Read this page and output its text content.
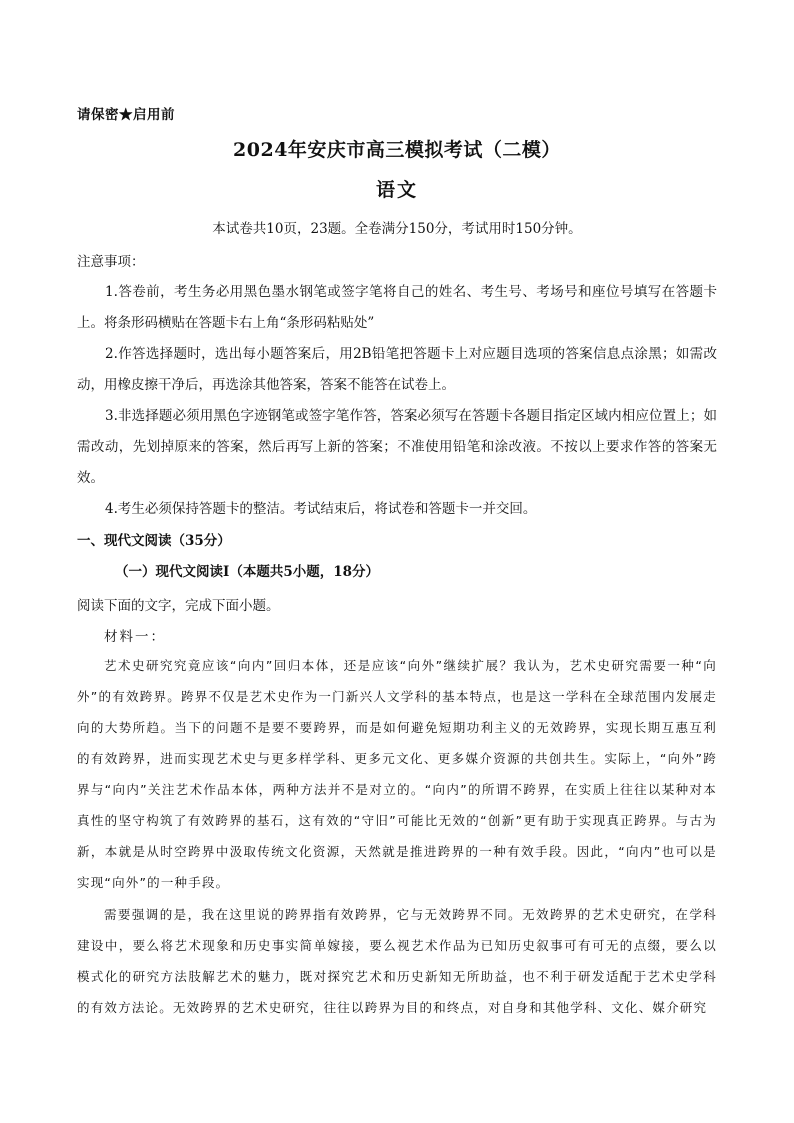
请保密★启用前
2024年安庆市高三模拟考试（二模）
语文
本试卷共10页，23题。全卷满分150分，考试用时150分钟。
注意事项：
1.答卷前，考生务必用黑色墨水钢笔或签字笔将自己的姓名、考生号、考场号和座位号填写在答题卡上。将条形码横贴在答题卡右上角“条形码粘贴处”
2.作答选择题时，选出每小题答案后，用2B铅笔把答题卡上对应题目选项的答案信息点涂黑；如需改动，用橡皮擦干净后，再选涂其他答案，答案不能答在试卷上。
3.非选择题必须用黑色字迹钢笔或签字笔作答，答案必须写在答题卡各题目指定区域内相应位置上；如需改动，先划掉原来的答案，然后再写上新的答案；不准使用铅笔和涂改液。不按以上要求作答的答案无效。
4.考生必须保持答题卡的整洁。考试结束后，将试卷和答题卡一并交回。
一、现代文阅读（35分）
（一）现代文阅读I（本题共5小题，18分）
阅读下面的文字，完成下面小题。
材料一：
艺术史研究究竟应该“向内”回归本体，还是应该“向外”继续扩展？我认为，艺术史研究需要一种“向外”的有效跨界。跨界不仅是艺术史作为一门新兴人文学科的基本特点，也是这一学科在全球范围内发展走向的大势所趋。当下的问题不是要不要跨界，而是如何避免短期功利主义的无效跨界，实现长期互惠互利的有效跨界，进而实现艺术史与更多样学科、更多元文化、更多媒介资源的共创共生。实际上，“向外”跨界与“向内”关注艺术作品本体，两种方法并不是对立的。“向内”的所谓不跨界，在实质上往往以某种对本真性的坚守构筑了有效跨界的基石，这有效的“守旧”可能比无效的“创新”更有助于实现真正跨界。与古为新，本就是从时空跨界中汲取传统文化资源，天然就是推进跨界的一种有效手段。因此，“向内”也可以是实现“向外”的一种手段。
需要强调的是，我在这里说的跨界指有效跨界，它与无效跨界不同。无效跨界的艺术史研究，在学科建设中，要么将艺术现象和历史事实简单嫁接，要么视艺术作品为已知历史叙事可有可无的点缀，要么以模式化的研究方法肢解艺术的魅力，既对探究艺术和历史新知无所助益，也不利于研发适配于艺术史学科的有效方法论。无效跨界的艺术史研究，往往以跨界为目的和终点，对自身和其他学科、文化、媒介研究
